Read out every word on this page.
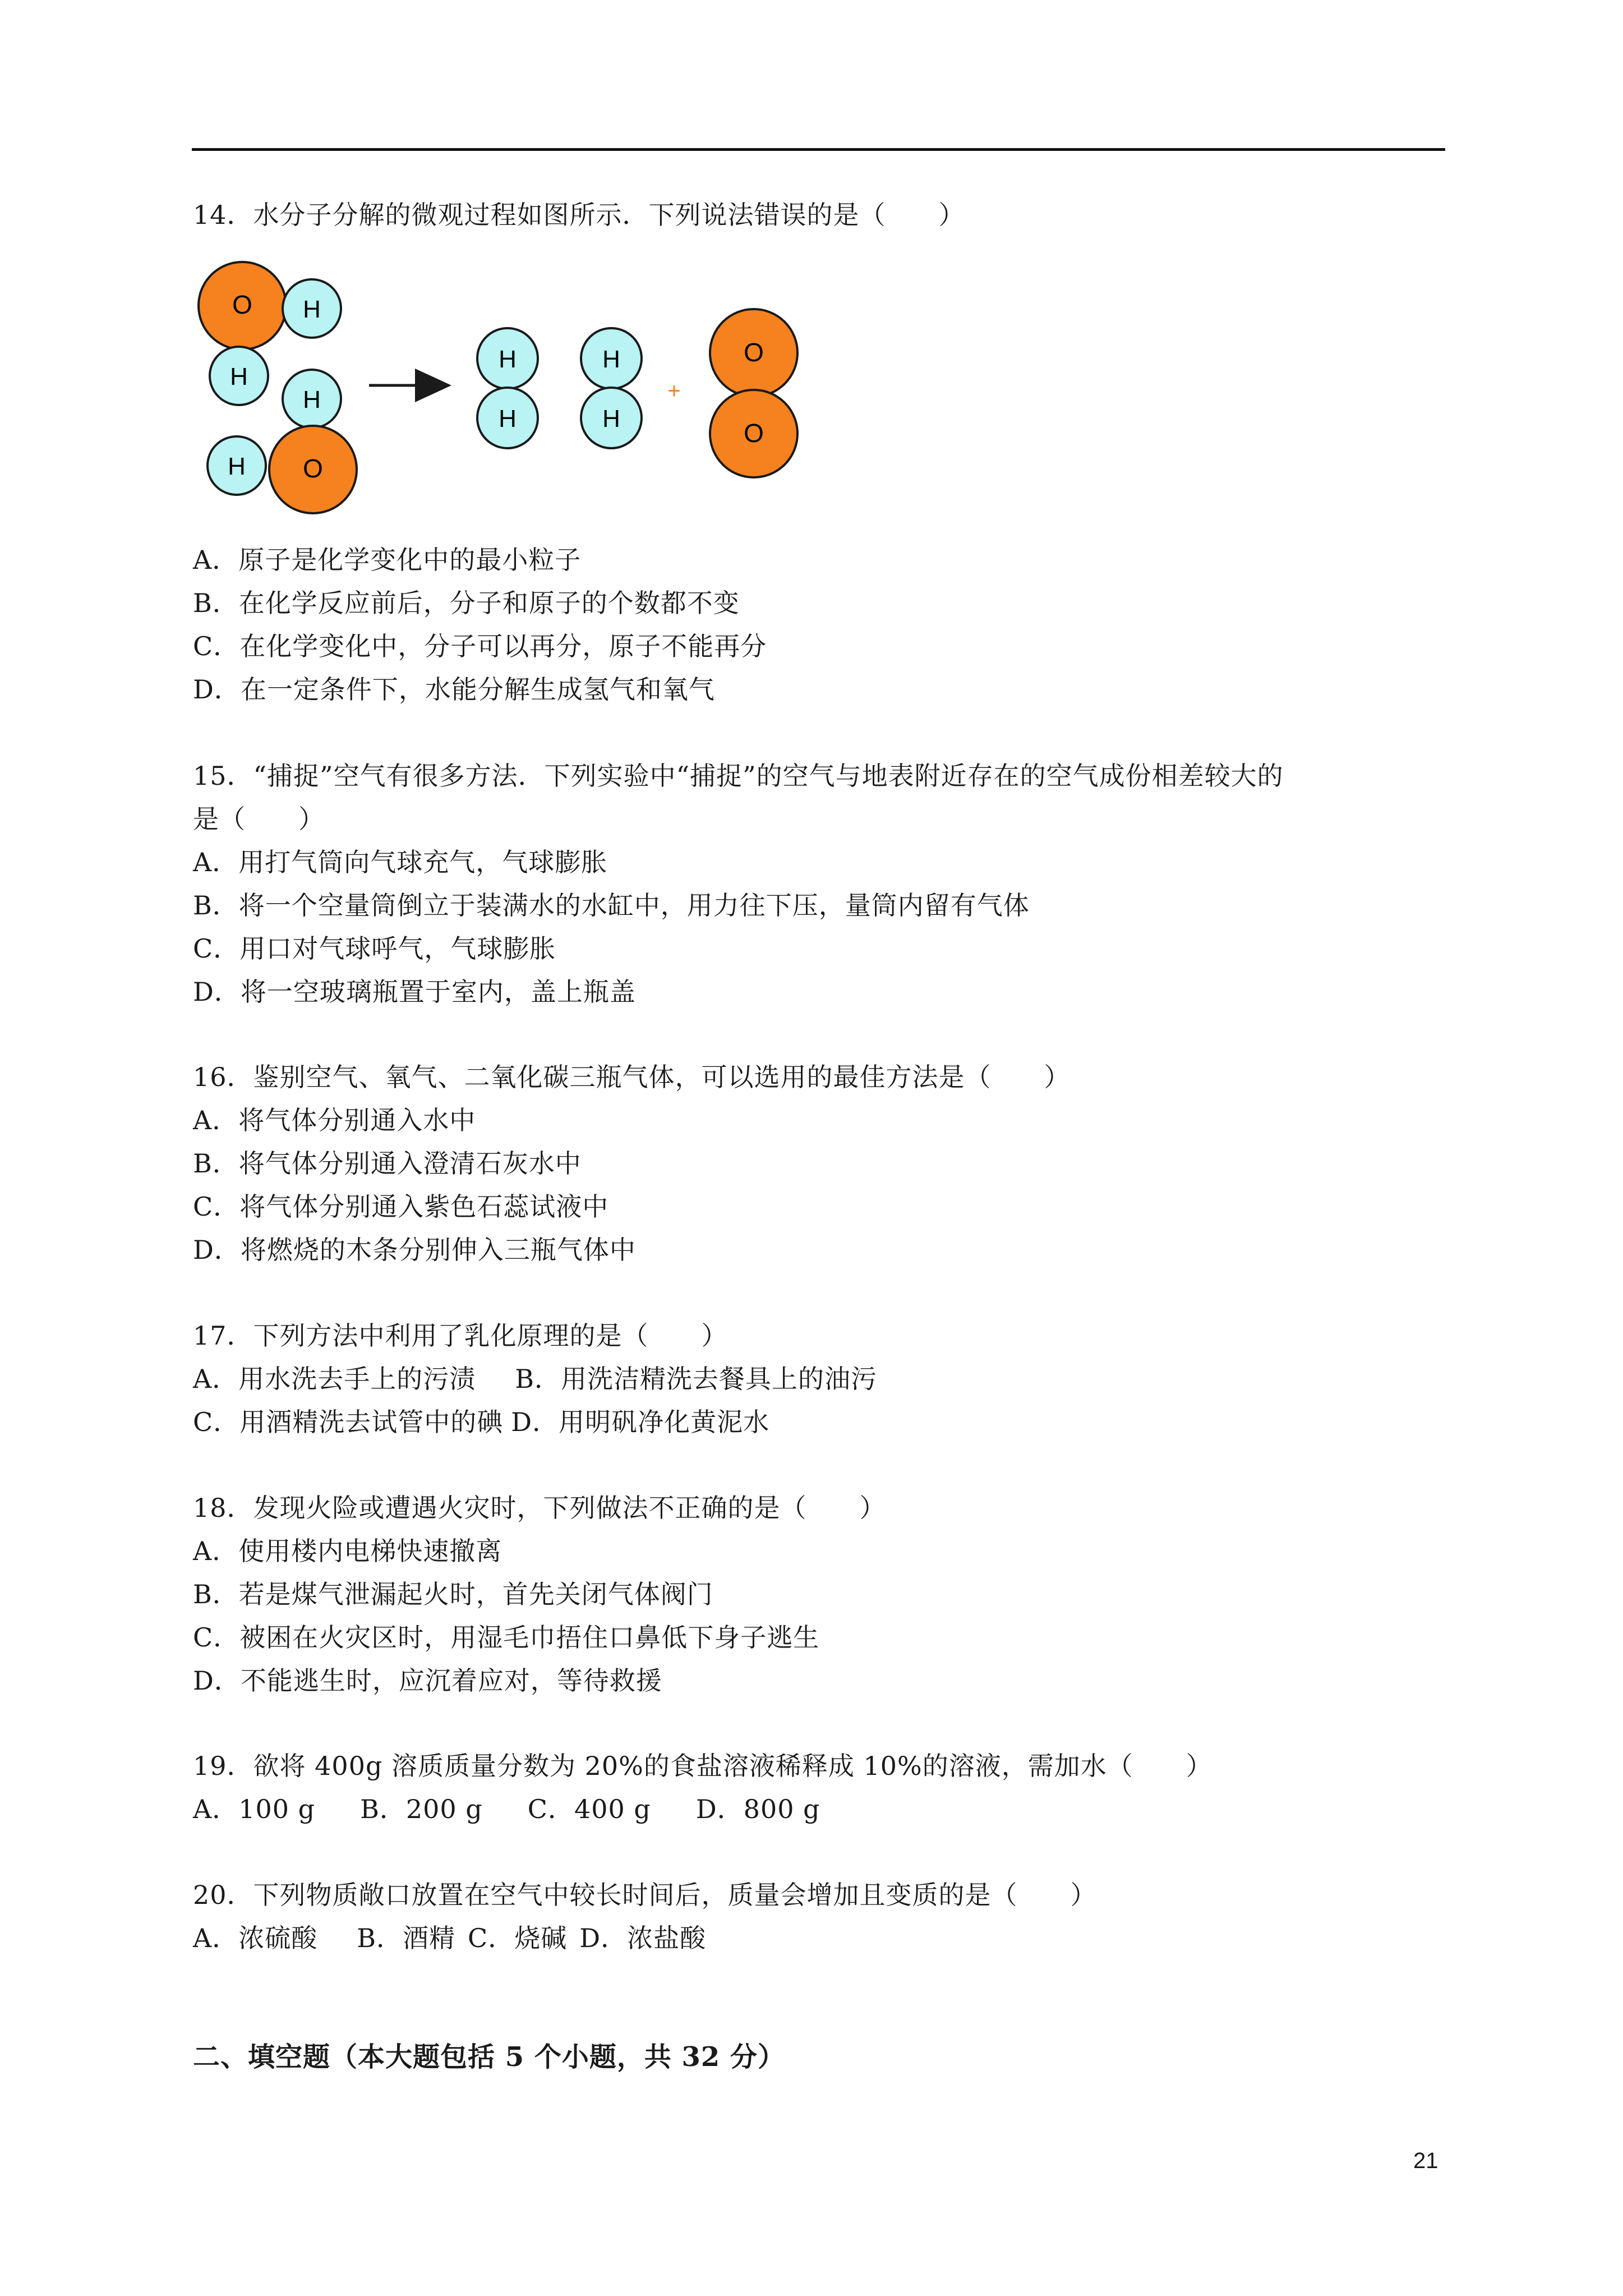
14．水分子分解的微观过程如图所示．下列说法错误的是（　　）
O H
H
H
H O
H
H
H
H
+
O
O
A．原子是化学变化中的最小粒子
B．在化学反应前后，分子和原子的个数都不变
C．在化学变化中，分子可以再分，原子不能再分
D．在一定条件下，水能分解生成氢气和氧气
15．“捕捉”空气有很多方法．下列实验中“捕捉”的空气与地表附近存在的空气成份相差较大的
是（　　）
A．用打气筒向气球充气，气球膨胀
B．将一个空量筒倒立于装满水的水缸中，用力往下压，量筒内留有气体
C．用口对气球呼气，气球膨胀
D．将一空玻璃瓶置于室内，盖上瓶盖
16．鉴别空气、氧气、二氧化碳三瓶气体，可以选用的最佳方法是（　　）
A．将气体分别通入水中
B．将气体分别通入澄清石灰水中
C．将气体分别通入紫色石蕊试液中
D．将燃烧的木条分别伸入三瓶气体中
17．下列方法中利用了乳化原理的是（　　）
A．用水洗去手上的污渍 B．用洗洁精洗去餐具上的油污
C．用酒精洗去试管中的碘 D．用明矾净化黄泥水
18．发现火险或遭遇火灾时，下列做法不正确的是（　　）
A．使用楼内电梯快速撤离
B．若是煤气泄漏起火时，首先关闭气体阀门
C．被困在火灾区时，用湿毛巾捂住口鼻低下身子逃生
D．不能逃生时，应沉着应对，等待救援
19．欲将 400g 溶质质量分数为 20%的食盐溶液稀释成 10%的溶液，需加水（　　）
A．100 g B．200 g C．400 g D．800 g
20．下列物质敞口放置在空气中较长时间后，质量会增加且变质的是（　　）
A．浓硫酸 B．酒精 C．烧碱 D．浓盐酸
二、填空题（本大题包括 5 个小题，共 32 分）
21
